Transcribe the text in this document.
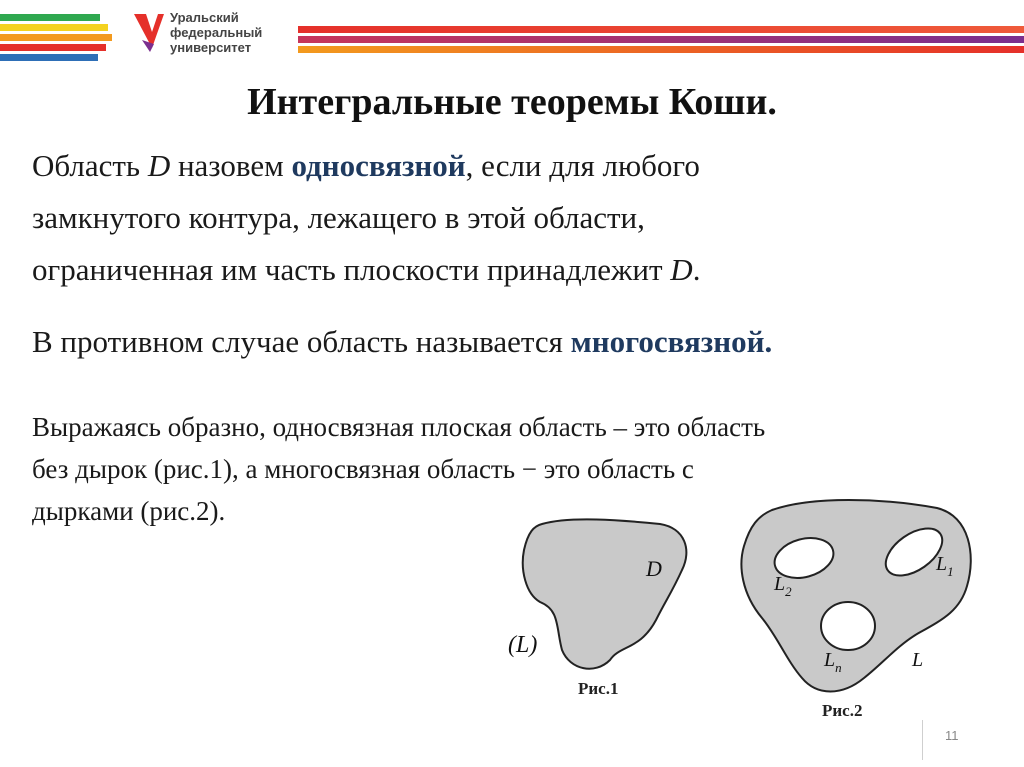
Уральский
федеральный
университет
Интегральные теоремы Коши.
Область D назовем односвязной, если для любого
замкнутого контура, лежащего в этой области,
ограниченная им часть плоскости принадлежит D.
В противном случае область называется многосвязной.
Выражаясь образно, односвязная плоская область – это область
без дырок (рис.1), а многосвязная область − это область с
дырками (рис.2).
D
(L)
Рис.1
$L_1$
$L_2$
$L_n$	L
Рис.2
11
